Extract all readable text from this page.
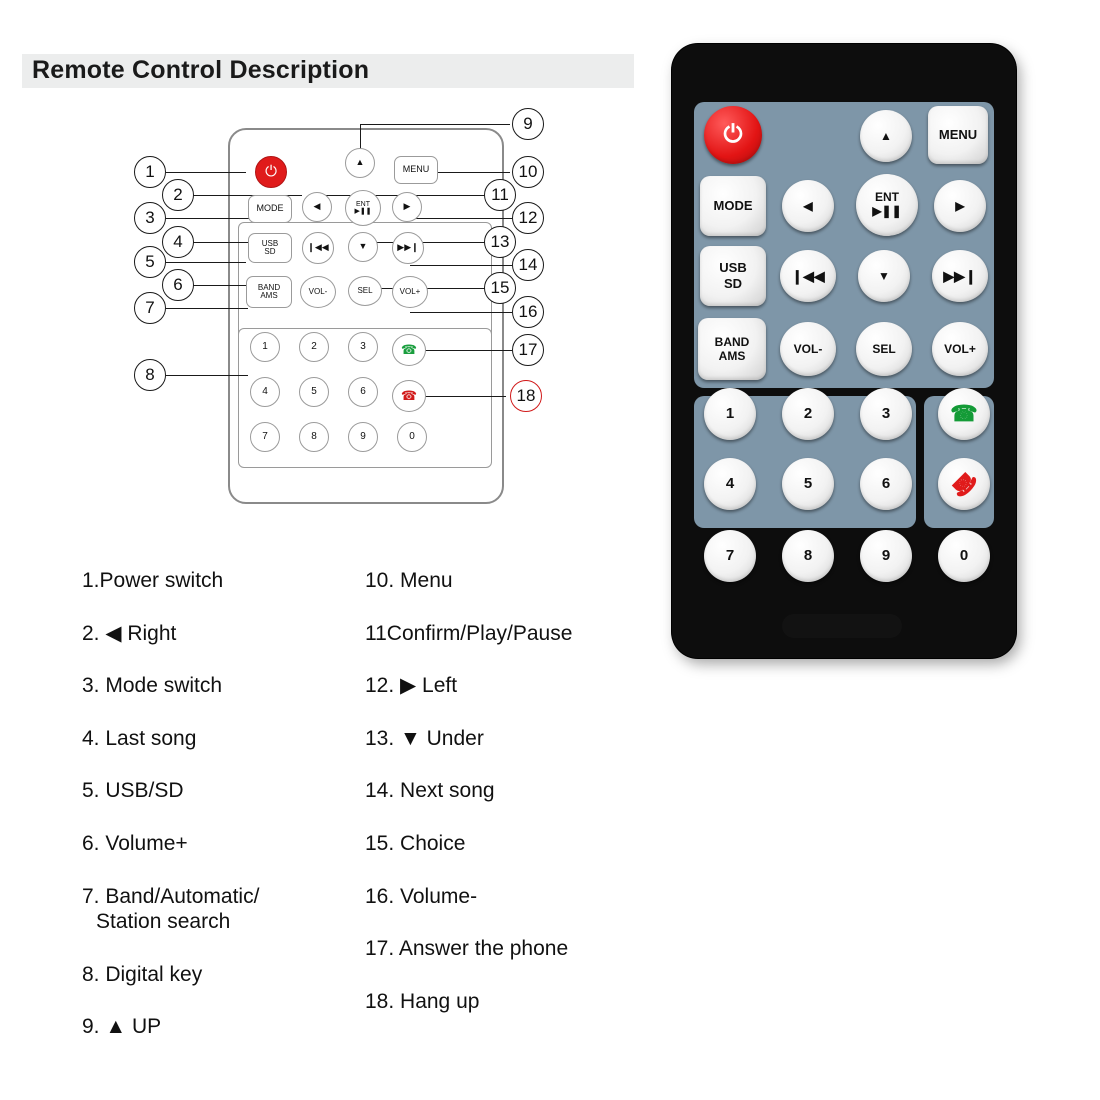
Remote Control Description
⏻	MENU
▲
MODE	◀	ENT
▶❚❚
▶
USB
SD	❙◀◀	▼	▶▶❙
BAND
AMS	VOL-	SEL	VOL+
1	2	3
4	5	6
7	8	9	0
☎
☎
1
2
3
4
5
6
7
8
9
10
11
12
13
14
15
16
17
18
1.Power switch
2. ◀ Right
3. Mode switch
4. Last song
5. USB/SD
6. Volume+
7. Band/Automatic/
Station search
8. Digital key
9. ▲ UP
10. Menu
11Confirm/Play/Pause
12. ▶ Left
13. ▼ Under
14. Next song
15. Choice
16. Volume-
17. Answer the phone
18. Hang up
⏻	▲	MENU
MODE	◀
ENT
▶❚❚	▶
USB
SD	❙◀◀	▼	▶▶❙
BAND
AMS
VOL-	SEL	VOL+
1	2	3
4	5	6
7	8	9	0
☎
☎
